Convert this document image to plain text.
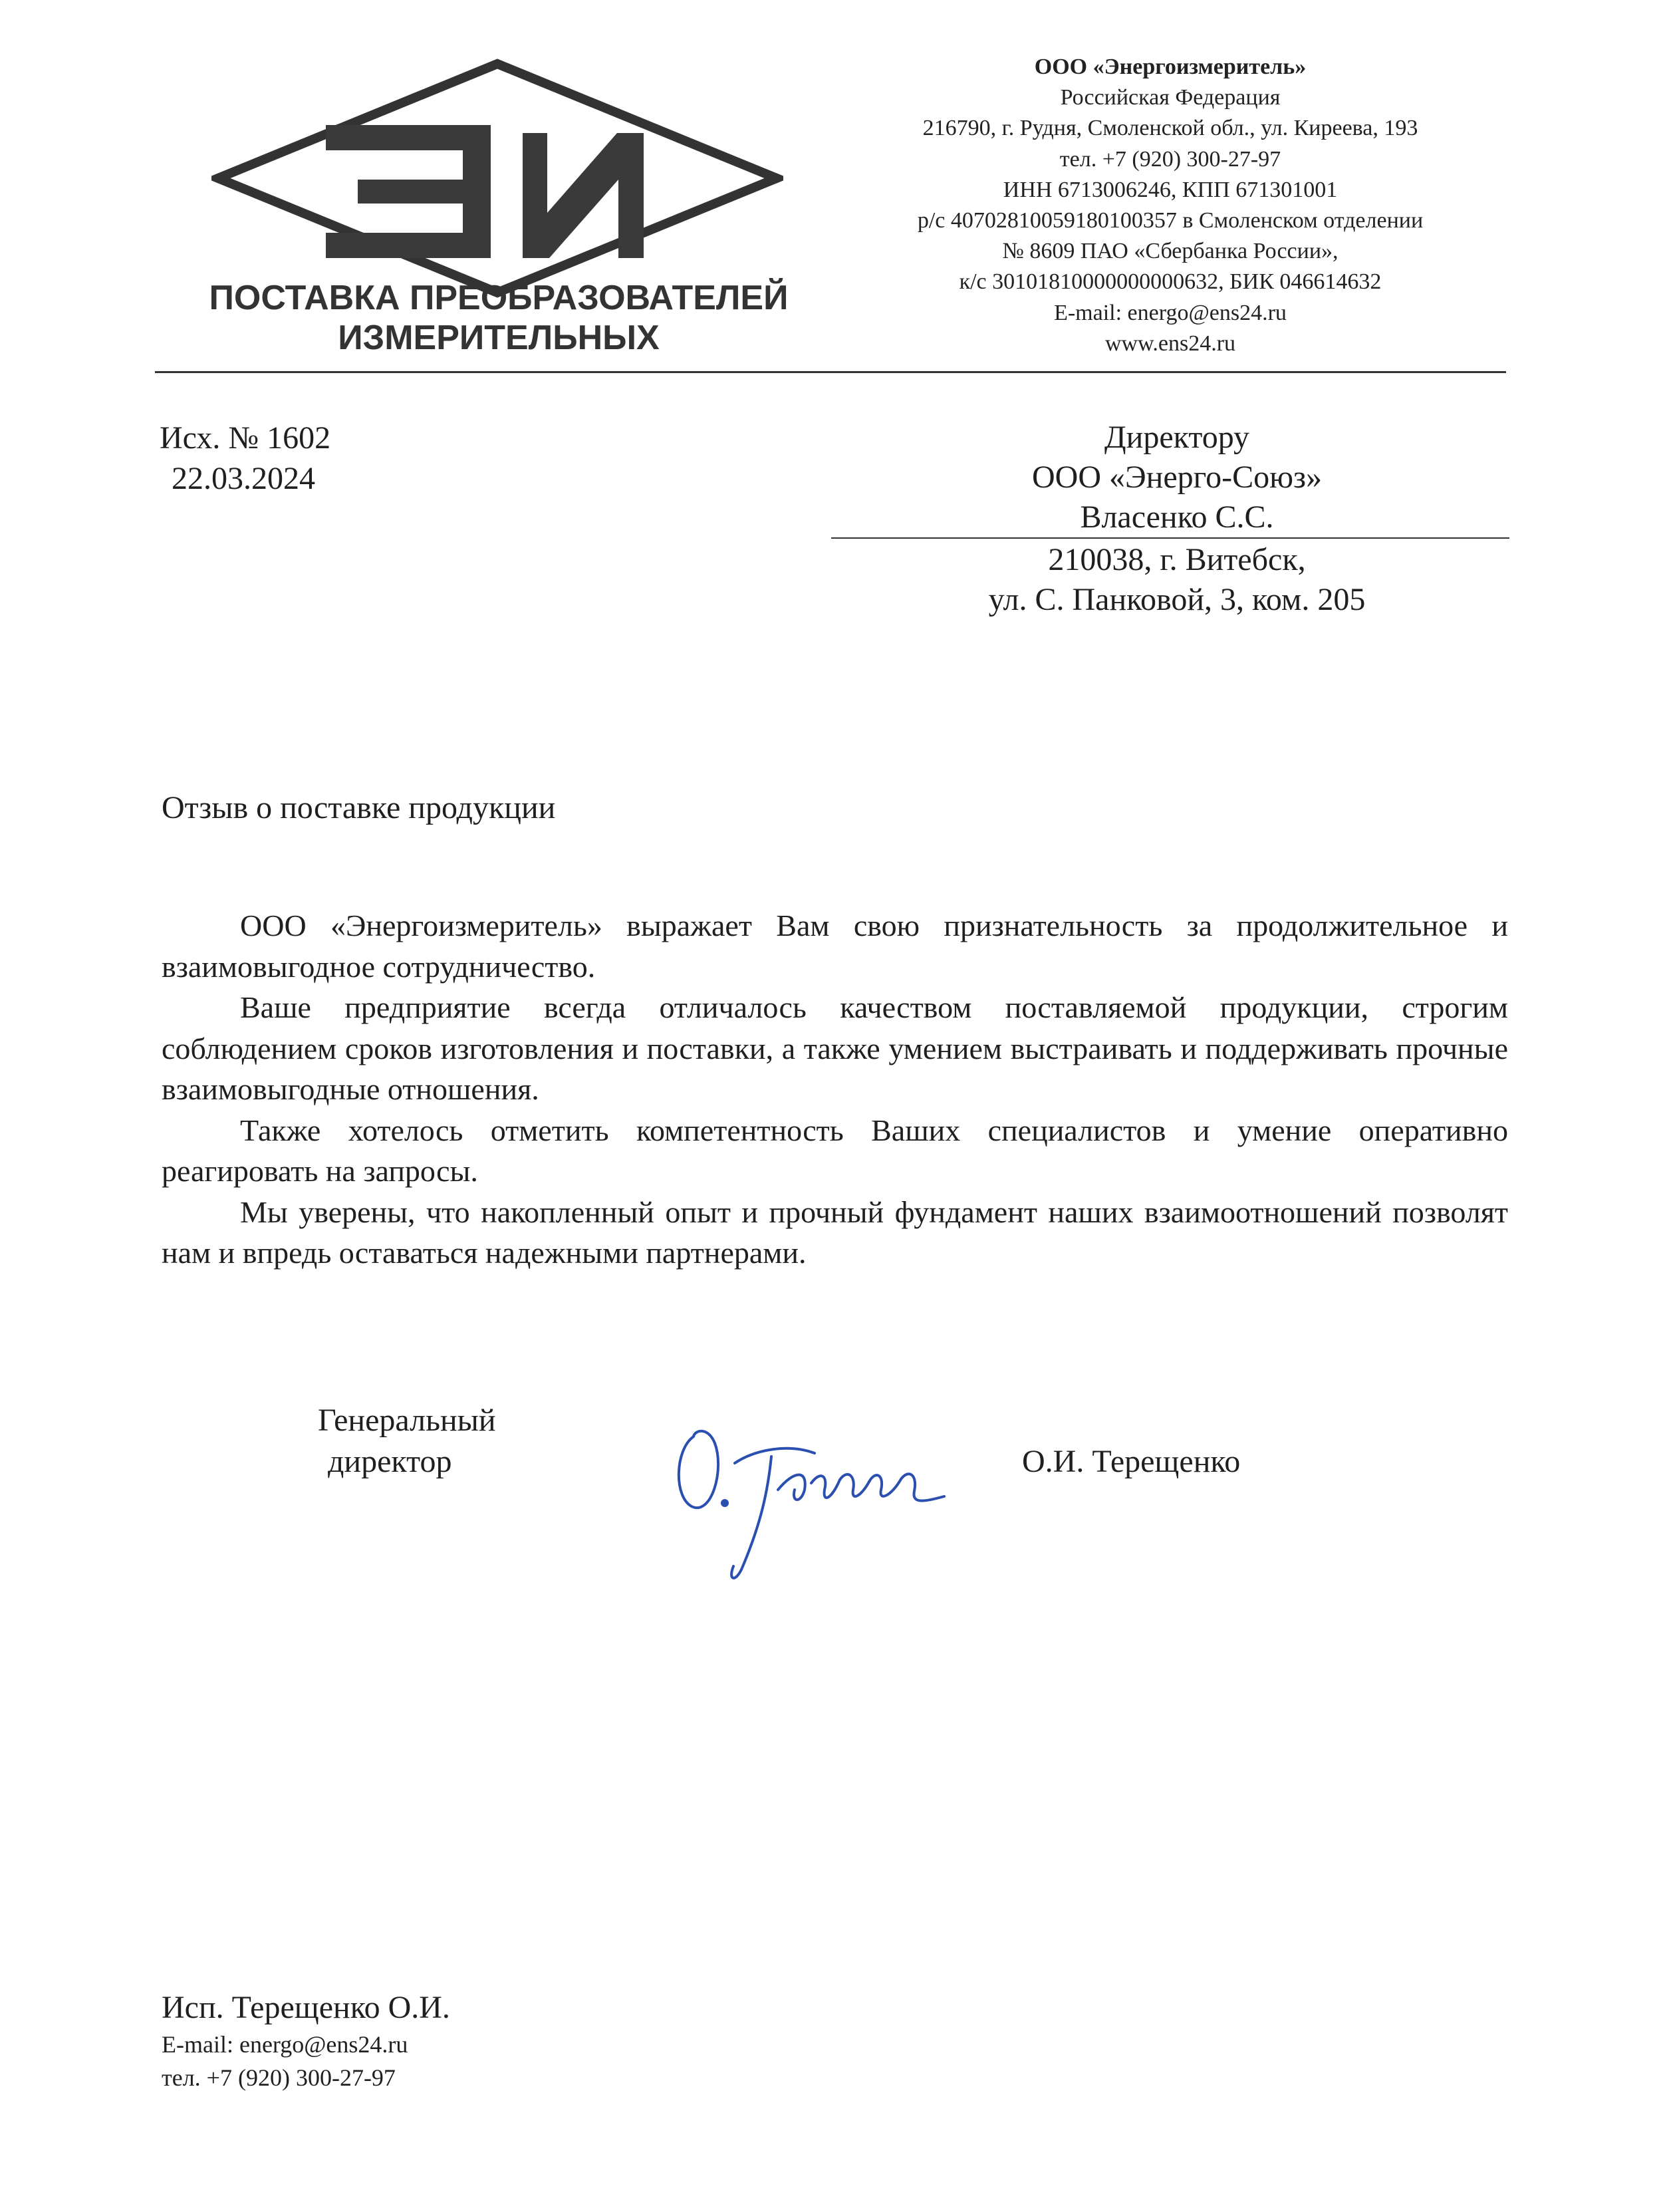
ПОСТАВКА ПРЕОБРАЗОВАТЕЛЕЙ
ИЗМЕРИТЕЛЬНЫХ
ООО «Энергоизмеритель»
Российская Федерация
216790, г. Рудня, Смоленской обл., ул. Киреева, 193
тел. +7 (920) 300-27-97
ИНН 6713006246, КПП 671301001
р/с 40702810059180100357 в Смоленском отделении
№ 8609 ПАО «Сбербанка России»,
к/с 30101810000000000632, БИК 046614632
E-mail: energo@ens24.ru
www.ens24.ru
Исх. № 1602
22.03.2024
Директору
ООО «Энерго-Союз»
Власенко С.С.
210038, г. Витебск,
ул. С. Панковой, 3, ком. 205
Отзыв о поставке продукции

ООО «Энергоизмеритель» выражает Вам свою признательность за продолжительное и взаимовыгодное сотрудничество.

Ваше предприятие всегда отличалось качеством поставляемой продукции, строгим соблюдением сроков изготовления и поставки, а также умением выстраивать и поддерживать прочные взаимовыгодные отношения.

Также хотелось отметить компетентность Ваших специалистов и умение оперативно реагировать на запросы.

Мы уверены, что накопленный опыт и прочный фундамент наших взаимоотношений позволят нам и впредь оставаться надежными партнерами.

Генеральный
директор	О.И. Терещенко
Исп. Терещенко О.И.
E-mail: energo@ens24.ru
тел. +7 (920) 300-27-97
